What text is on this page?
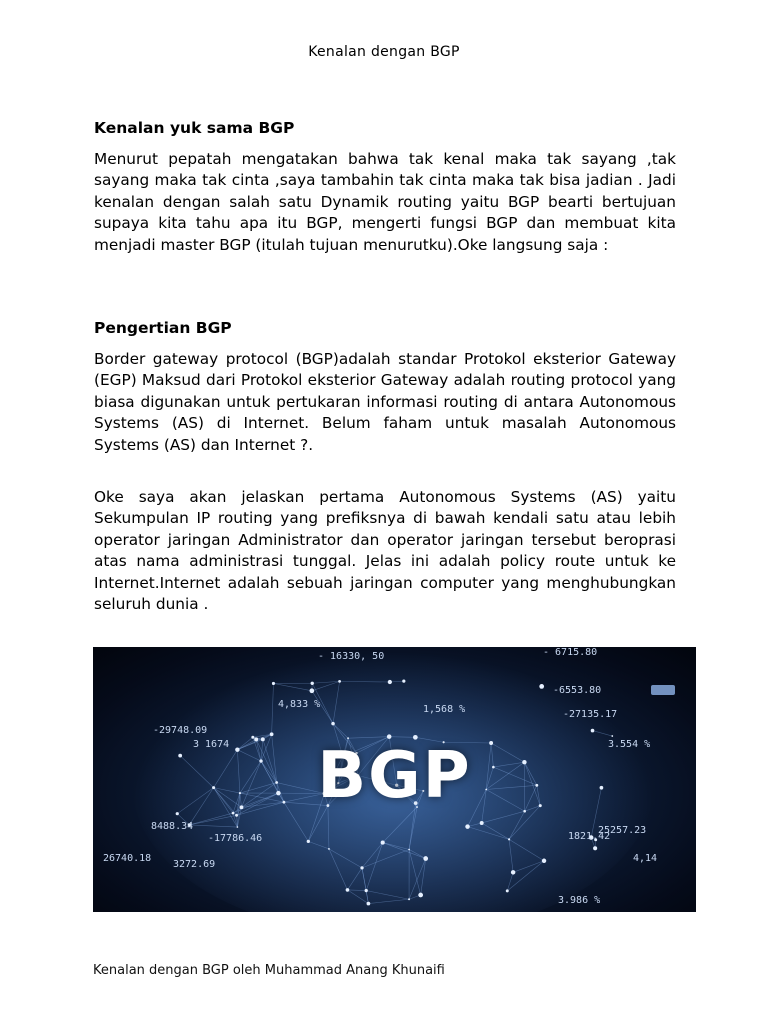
Kenalan dengan BGP
Kenalan yuk sama BGP

Menurut pepatah mengatakan bahwa tak kenal maka tak sayang ,tak sayang maka tak cinta ,saya tambahin tak cinta maka tak bisa jadian . Jadi kenalan dengan salah satu Dynamik routing yaitu BGP bearti bertujuan supaya kita tahu apa itu BGP, mengerti fungsi BGP dan membuat kita menjadi master BGP (itulah tujuan menurutku).Oke langsung saja :

Pengertian BGP

Border gateway protocol (BGP)adalah standar Protokol eksterior Gateway (EGP) Maksud dari Protokol eksterior Gateway adalah routing protocol yang biasa digunakan untuk pertukaran informasi routing di antara Autonomous Systems (AS) di Internet. Belum faham untuk masalah Autonomous Systems (AS) dan Internet ?.

Oke saya akan jelaskan pertama Autonomous Systems (AS) yaitu Sekumpulan IP routing yang prefiksnya di bawah kendali satu atau lebih operator jaringan Administrator dan operator jaringan tersebut beroprasi atas nama administrasi tunggal. Jelas ini adalah policy route untuk ke Internet.Internet adalah sebuah jaringan computer yang menghubungkan seluruh dunia .

- 16330, 50	- 6715.80
-29748.09
-6553.80
-27135.17
1,568 %
4,833 %
3.554 %
3 1674
8488.34
-17786.46
26740.18
1821.42
25257.23
4,14
3.986 %
3272.69
BGP
Kenalan dengan BGP oleh Muhammad Anang Khunaifi
